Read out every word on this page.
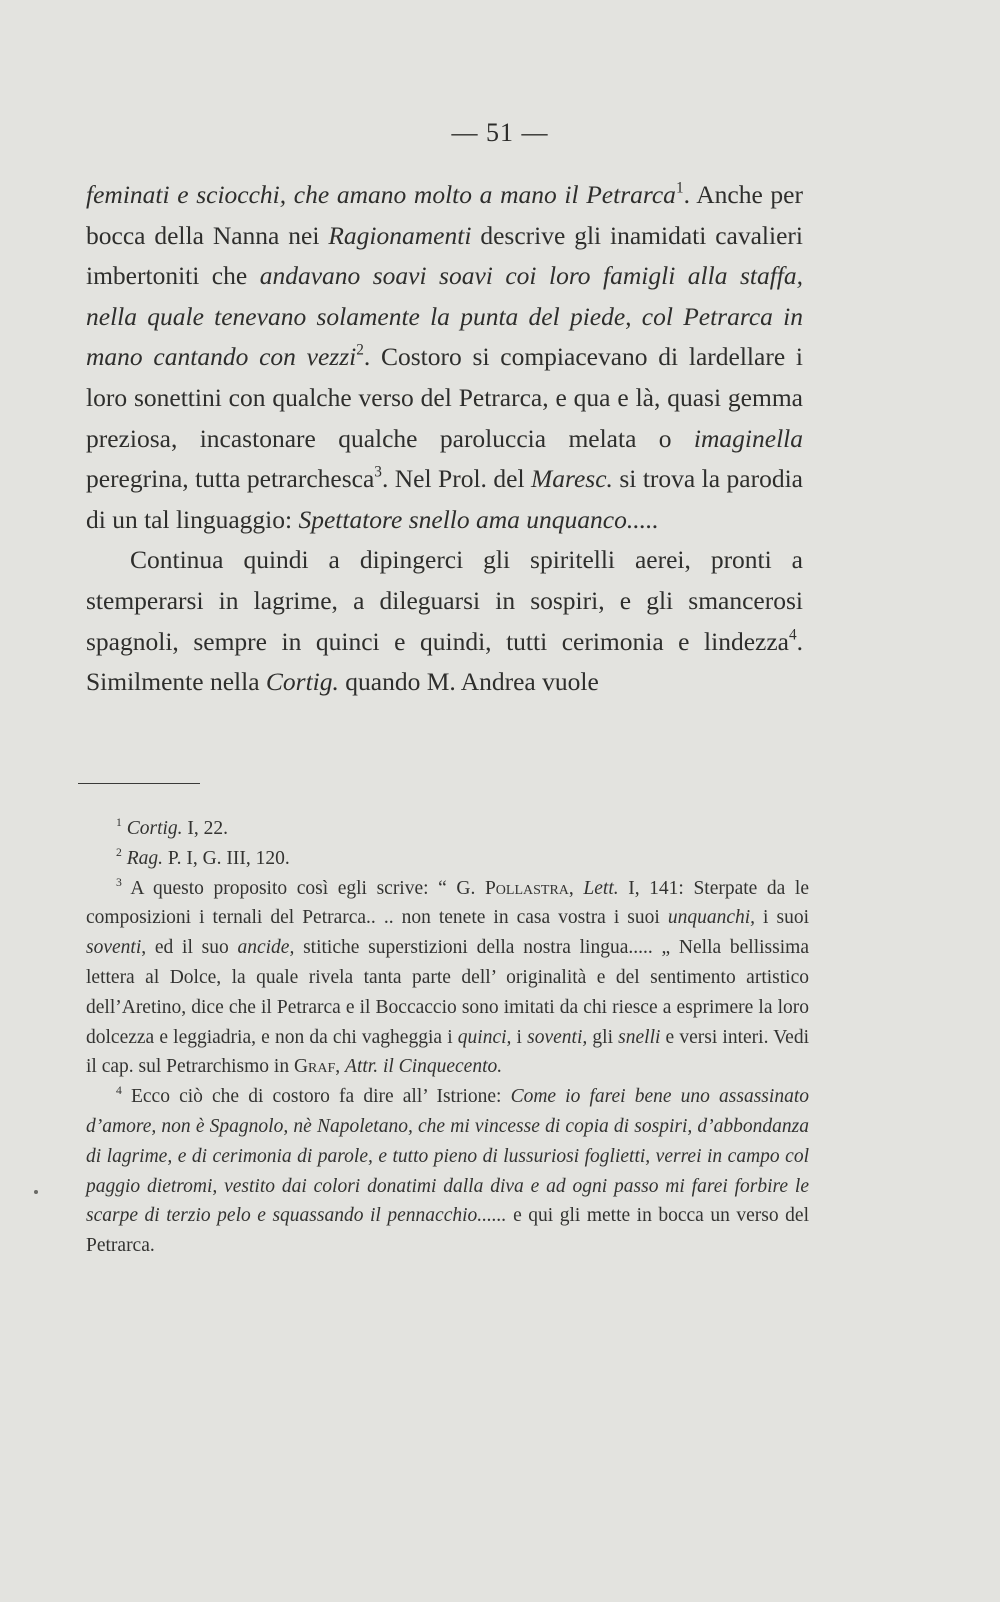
— 51 —

feminati e sciocchi, che amano molto a mano il Petrarca$^1$. Anche per bocca della Nanna nei Ragionamenti descrive gli inamidati cavalieri imbertoniti che andavano soavi soavi coi loro famigli alla staffa, nella quale tenevano solamente la punta del piede, col Petrarca in mano cantando con vezzi$^2$. Costoro si compiacevano di lardellare i loro sonettini con qualche verso del Petrarca, e qua e là, quasi gemma preziosa, incastonare qualche paroluccia melata o imaginella peregrina, tutta petrarchesca$^3$. Nel Prol. del Maresc. si trova la parodia di un tal linguaggio: Spettatore snello ama unquanco.....

Continua quindi a dipingerci gli spiritelli aerei, pronti a stemperarsi in lagrime, a dileguarsi in sospiri, e gli smancerosi spagnoli, sempre in quinci e quindi, tutti cerimonia e lindezza$^4$. Similmente nella Cortig. quando M. Andrea vuole

$^1$ Cortig. I, 22.

$^2$ Rag. P. I, G. III, 120.

$^3$ A questo proposito così egli scrive: “ G. Pollastra, Lett. I, 141: Sterpate da le composizioni i ternali del Petrarca.. .. non tenete in casa vostra i suoi unquanchi, i suoi soventi, ed il suo ancide, stitiche superstizioni della nostra lingua..... „ Nella bellissima lettera al Dolce, la quale rivela tanta parte dell’ originalità e del sentimento artistico dell’Aretino, dice che il Petrarca e il Boccaccio sono imitati da chi riesce a esprimere la loro dolcezza e leggiadria, e non da chi vagheggia i quinci, i soventi, gli snelli e versi interi. Vedi il cap. sul Petrarchismo in Graf, Attr. il Cinquecento.

$^4$ Ecco ciò che di costoro fa dire all’ Istrione: Come io farei bene uno assassinato d’amore, non è Spagnolo, nè Napoletano, che mi vincesse di copia di sospiri, d’abbondanza di lagrime, e di cerimonia di parole, e tutto pieno di lussuriosi foglietti, verrei in campo col paggio dietromi, vestito dai colori donatimi dalla diva e ad ogni passo mi farei forbire le scarpe di terzio pelo e squassando il pennacchio...... e qui gli mette in bocca un verso del Petrarca.
